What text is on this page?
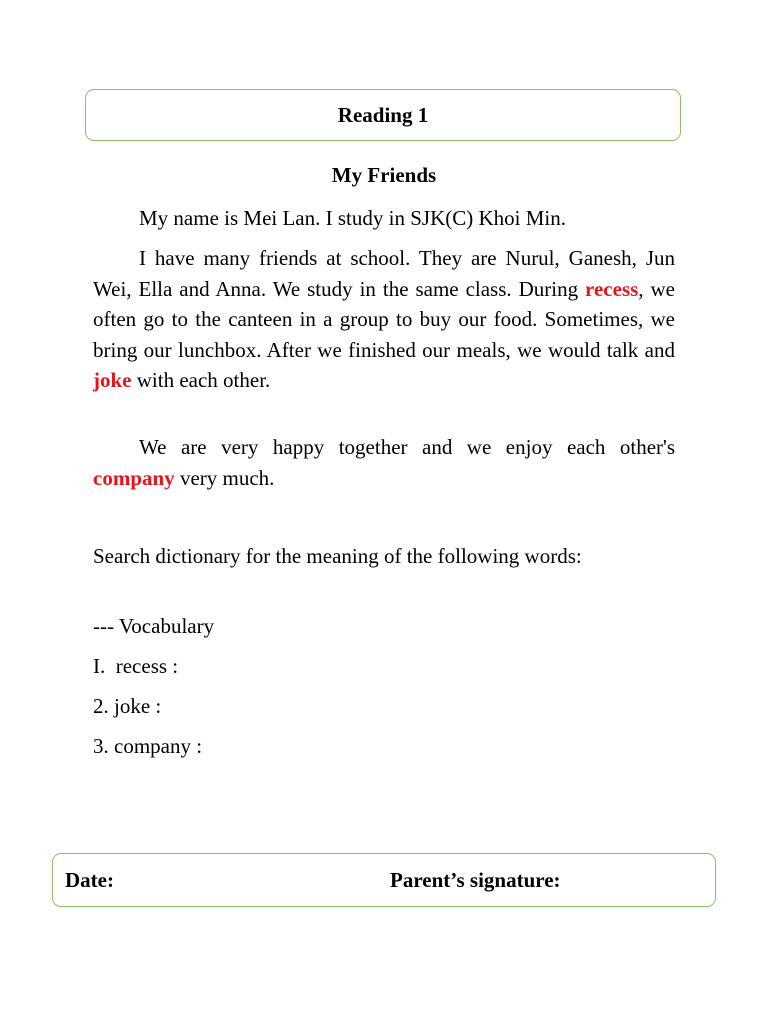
Reading 1
My Friends

My name is Mei Lan. I study in SJK(C) Khoi Min.

I have many friends at school. They are Nurul, Ganesh, Jun Wei, Ella and Anna. We study in the same class. During recess, we often go to the canteen in a group to buy our food. Sometimes, we bring our lunchbox. After we finished our meals, we would talk and joke with each other.

We are very happy together and we enjoy each other's company very much.

Search dictionary for the meaning of the following words:

--- Vocabulary

I.  recess :

2. joke :

3. company :

Date:	Parent’s signature:
